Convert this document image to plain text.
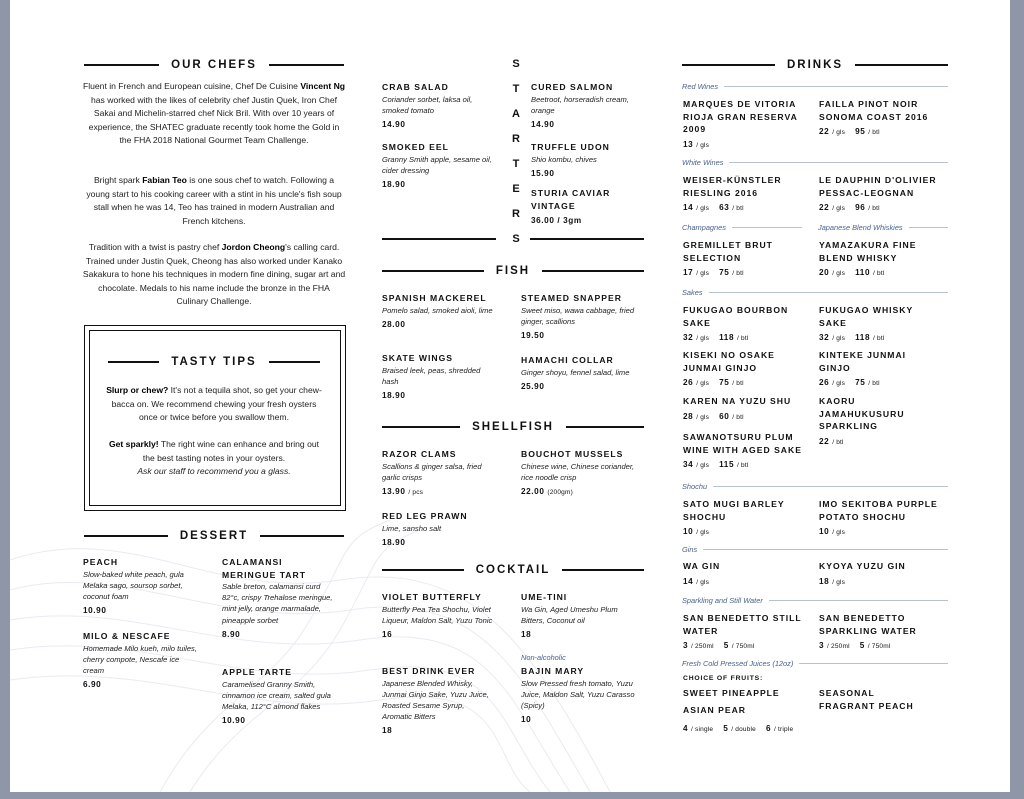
OUR CHEFS
Fluent in French and European cuisine, Chef De Cuisine Vincent Ng has worked with the likes of celebrity chef Justin Quek, Iron Chef Sakai and Michelin-starred chef Nick Bril. With over 10 years of experience, the SHATEC graduate recently took home the Gold in the FHA 2018 National Gourmet Team Challenge.
Bright spark Fabian Teo is one sous chef to watch. Following a young start to his cooking career with a stint in his uncle's fish soup stall when he was 14, Teo has trained in modern Australian and French kitchens.
Tradition with a twist is pastry chef Jordon Cheong's calling card. Trained under Justin Quek, Cheong has also worked under Kanako Sakakura to hone his techniques in modern fine dining, sugar art and chocolate. Medals to his name include the bronze in the FHA Culinary Challenge.
TASTY TIPS
Slurp or chew? It's not a tequila shot, so get your chew-bacca on. We recommend chewing your fresh oysters once or twice before you swallow them.
Get sparkly! The right wine can enhance and bring out the best tasting notes in your oysters.
Ask our staff to recommend you a glass.
DESSERT
PEACH
Slow-baked white peach, gula Melaka sago, soursop sorbet, coconut foam
10.90
MILO & NESCAFE
Homemade Milo kueh, milo tuiles, cherry compote, Nescafe ice cream
6.90
CALAMANSI MERINGUE TART
Sable breton, calamansi curd 82°c, crispy Trehalose meringue, mint jelly, orange marmalade, pineapple sorbet
8.90
APPLE TARTE
Caramelised Granny Smith, cinnamon ice cream, salted gula Melaka, 112°C almond flakes
10.90
S
T
A
R
T
E
R
S
CRAB SALAD
Coriander sorbet, laksa oil, smoked tomato
14.90
SMOKED EEL
Granny Smith apple, sesame oil, cider dressing
18.90
CURED SALMON
Beetroot, horseradish cream, orange
14.90
TRUFFLE UDON
Shio kombu, chives
15.90
STURIA CAVIAR VINTAGE
36.00 / 3gm
FISH
SPANISH MACKEREL
Pomelo salad, smoked aioli, lime
28.00
SKATE WINGS
Braised leek, peas, shredded hash
18.90
STEAMED SNAPPER
Sweet miso, wawa cabbage, fried ginger, scallions
19.50
HAMACHI COLLAR
Ginger shoyu, fennel salad, lime
25.90
SHELLFISH
RAZOR CLAMS
Scallions & ginger salsa, fried garlic crisps
13.90 / pcs
RED LEG PRAWN
Lime, sansho salt
18.90
BOUCHOT MUSSELS
Chinese wine, Chinese coriander, rice noodle crisp
22.00 (200gm)
COCKTAIL
VIOLET BUTTERFLY
Butterfly Pea Tea Shochu, Violet Liqueur, Maldon Salt, Yuzu Tonic
16
BEST DRINK EVER
Japanese Blended Whisky, Junmai Ginjo Sake, Yuzu Juice, Roasted Sesame Syrup, Aromatic Bitters
18
UME-TINI
Wa Gin, Aged Umeshu Plum Bitters, Coconut oil
18
Non-alcoholic
BAJIN MARY
Slow Pressed fresh tomato, Yuzu Juice, Maldon Salt, Yuzu Carasso (Spicy)
10
DRINKS
Red Wines
MARQUES DE VITORIA RIOJA GRAN RESERVA 2009
13 / gls
FAILLA PINOT NOIR SONOMA COAST 2016
22 / gls 95 / btl
White Wines
WEISER-KÜNSTLER RIESLING 2016
14 / gls 63 / btl
LE DAUPHIN D'OLIVIER PESSAC-LEOGNAN
22 / gls 96 / btl
Champagnes	Japanese Blend Whiskies
GREMILLET BRUT SELECTION
17 / gls 75 / btl
YAMAZAKURA FINE BLEND WHISKY
20 / gls 110 / btl
Sakes
FUKUGAO BOURBON SAKE
32 / gls 118 / btl
FUKUGAO WHISKY SAKE
32 / gls 118 / btl
KISEKI NO OSAKE JUNMAI GINJO
26 / gls 75 / btl
KINTEKE JUNMAI GINJO
26 / gls 75 / btl
KAREN NA YUZU SHU
28 / gls 60 / btl
KAORU JAMAHUKUSURU SPARKLING
22 / btl
SAWANOTSURU PLUM WINE WITH AGED SAKE
34 / gls 115 / btl
Shochu
SATO MUGI BARLEY SHOCHU
10 / gls
IMO SEKITOBA PURPLE POTATO SHOCHU
10 / gls
Gins
WA GIN
14 / gls
KYOYA YUZU GIN
18 / gls
Sparkling and Still Water
SAN BENEDETTO STILL WATER
3 / 250ml 5 / 750ml
SAN BENEDETTO SPARKLING WATER
3 / 250ml 5 / 750ml
Fresh Cold Pressed Juices (12oz)
CHOICE OF FRUITS:
SWEET PINEAPPLE
ASIAN PEAR
SEASONAL FRAGRANT PEACH
4 / single 5 / double 6 / triple
